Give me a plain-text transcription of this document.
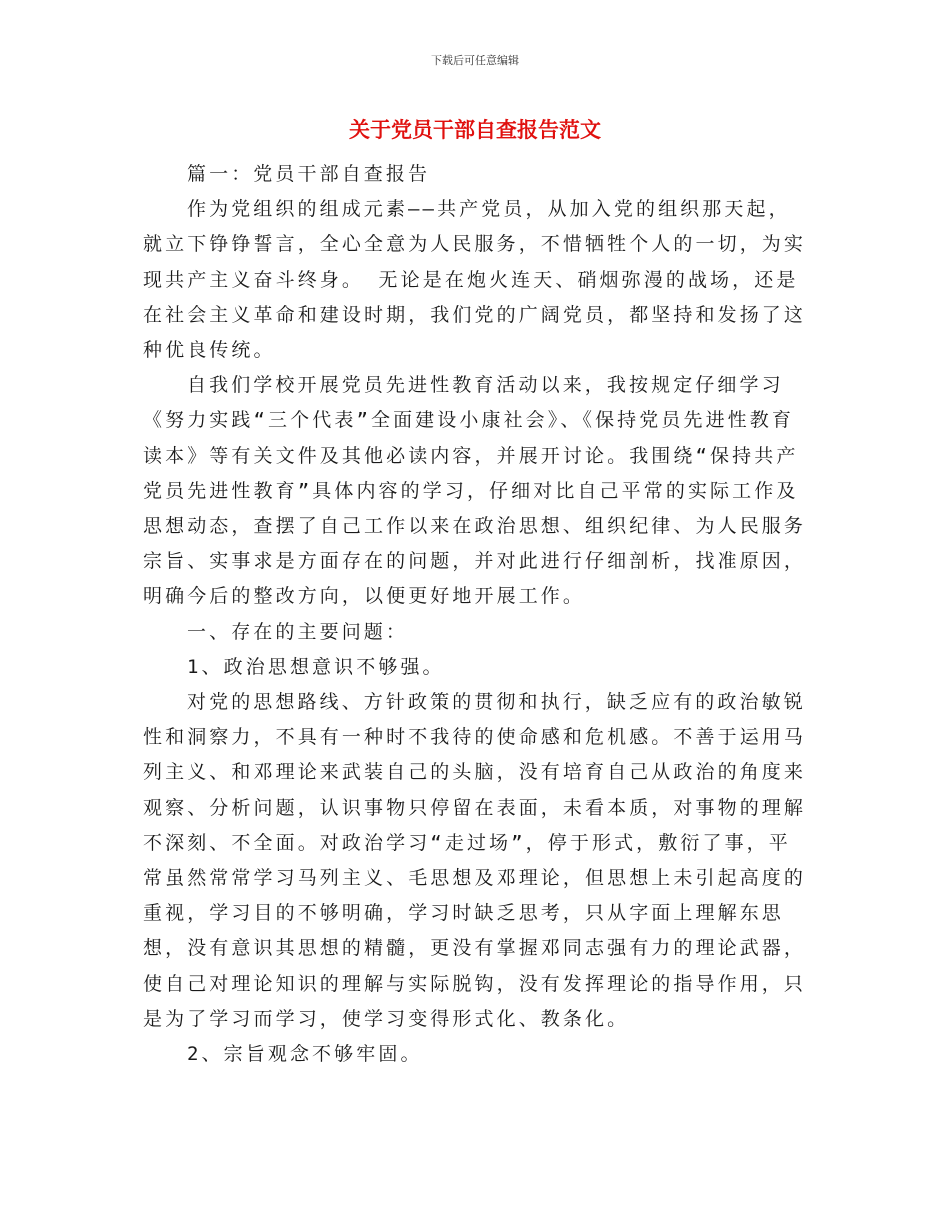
下载后可任意编辑
关于党员干部自查报告范文

篇一：党员干部自查报告

作为党组织的组成元素——共产党员，从加入党的组织那天起，就立下铮铮誓言，全心全意为人民服务，不惜牺牲个人的一切，为实现共产主义奋斗终身。 无论是在炮火连天、硝烟弥漫的战场，还是在社会主义革命和建设时期，我们党的广阔党员，都坚持和发扬了这种优良传统。

自我们学校开展党员先进性教育活动以来，我按规定仔细学习《努力实践“三个代表”全面建设小康社会》、《保持党员先进性教育读本》等有关文件及其他必读内容，并展开讨论。我围绕“保持共产党员先进性教育”具体内容的学习，仔细对比自己平常的实际工作及思想动态，查摆了自己工作以来在政治思想、组织纪律、为人民服务宗旨、实事求是方面存在的问题，并对此进行仔细剖析，找准原因，明确今后的整改方向，以便更好地开展工作。

一、存在的主要问题：

1、政治思想意识不够强。

对党的思想路线、方针政策的贯彻和执行，缺乏应有的政治敏锐性和洞察力，不具有一种时不我待的使命感和危机感。不善于运用马列主义、和邓理论来武装自己的头脑，没有培育自己从政治的角度来观察、分析问题，认识事物只停留在表面，未看本质，对事物的理解不深刻、不全面。对政治学习“走过场”，停于形式，敷衍了事，平常虽然常常学习马列主义、毛思想及邓理论，但思想上未引起高度的重视，学习目的不够明确，学习时缺乏思考，只从字面上理解东思想，没有意识其思想的精髓，更没有掌握邓同志强有力的理论武器，使自己对理论知识的理解与实际脱钩，没有发挥理论的指导作用，只是为了学习而学习，使学习变得形式化、教条化。

2、宗旨观念不够牢固。
